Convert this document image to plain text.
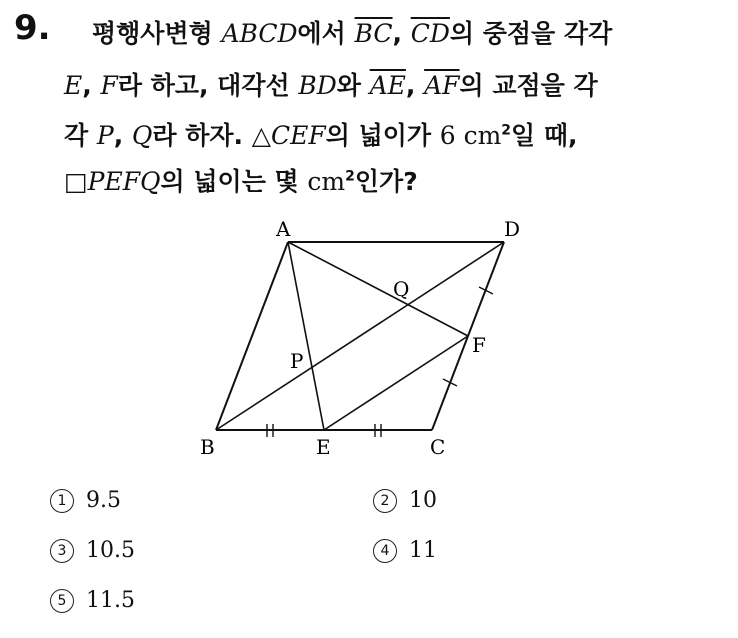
9. 평행사변형 ABCD에서 $\overline{BC}$, $\overline{CD}$의 중점을 각각
E, F라 하고, 대각선 BD와 $\overline{AE}$, $\overline{AF}$의 교점을 각
각 P, Q라 하자. △CEF의 넓이가 6 $cm^2$일 때,
□PEFQ의 넓이는 몇 $cm^2$인가?
A
B	C
D
E
F
P
Q
1 9.5	2 10
3 10.5	4 11
5 11.5
